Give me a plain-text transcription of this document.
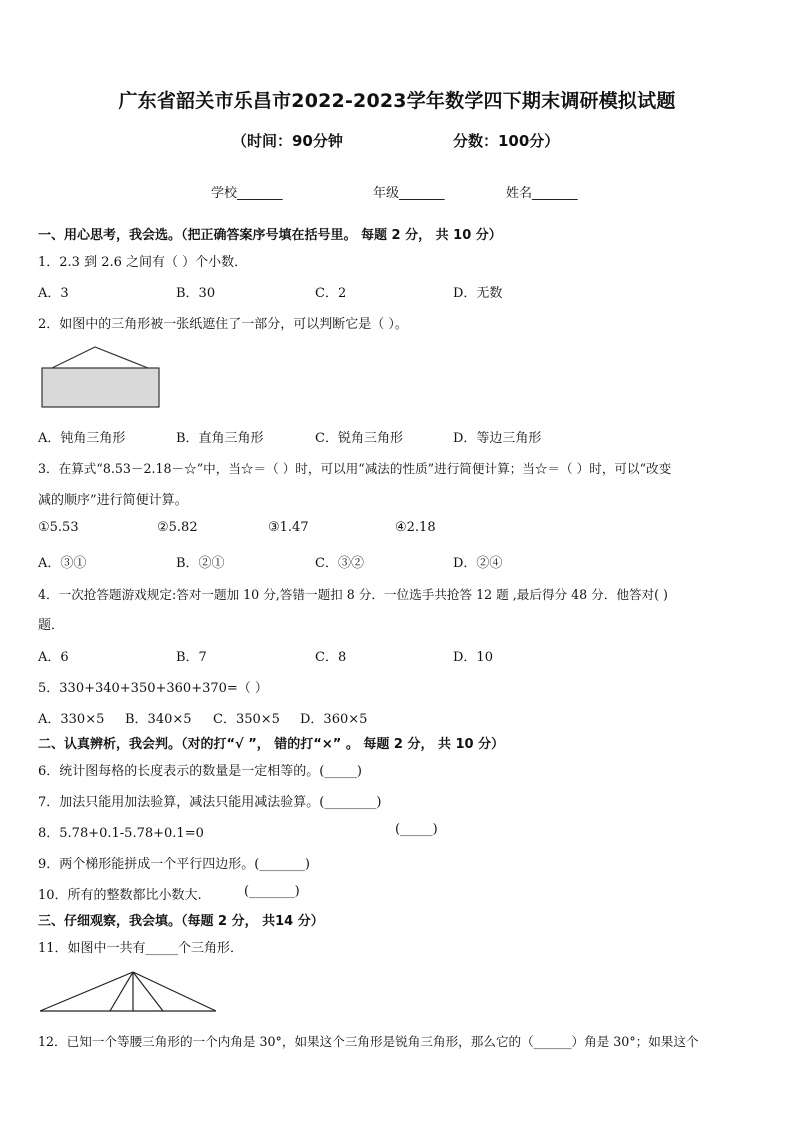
广东省韶关市乐昌市2022-2023学年数学四下期末调研模拟试题
（时间：90分钟	分数：100分）
学校_______	年级_______	姓名_______
一、用心思考，我会选。（把正确答案序号填在括号里。 每题 2 分， 共 10 分）
1．2.3 到 2.6 之间有（ ）个小数．
A．3	B．30	C．2	D．无数
2．如图中的三角形被一张纸遮住了一部分，可以判断它是（ ）。
A．钝角三角形	B．直角三角形	C．锐角三角形	D．等边三角形
3．在算式“8.53－2.18－☆”中，当☆＝（ ）时，可以用“减法的性质”进行简便计算；当☆＝（ ）时，可以“改变
减的顺序”进行简便计算。
①5.53	②5.82	③1.47	④2.18
A．③①	B．②①	C．③②	D．②④
4．一次抢答题游戏规定:答对一题加 10 分,答错一题扣 8 分．一位选手共抢答 12 题 ,最后得分 48 分．他答对( )
题．
A．6	B．7	C．8	D．10
5．330+340+350+360+370=（ ）
A．330×5 B．340×5 C．350×5 D．360×5
二、认真辨析，我会判。（对的打“√ ”， 错的打“×” 。 每题 2 分， 共 10 分）
6．统计图每格的长度表示的数量是一定相等的。(_____)
7．加法只能用加法验算，减法只能用减法验算。(________)
8．5.78+0.1-5.78+0.1=0	(_____)
9．两个梯形能拼成一个平行四边形。(_______)
10．所有的整数都比小数大.	(_______)
三、仔细观察，我会填。（每题 2 分， 共14 分）
11．如图中一共有_____个三角形．
12．已知一个等腰三角形的一个内角是 30°，如果这个三角形是锐角三角形，那么它的（______）角是 30°；如果这个
